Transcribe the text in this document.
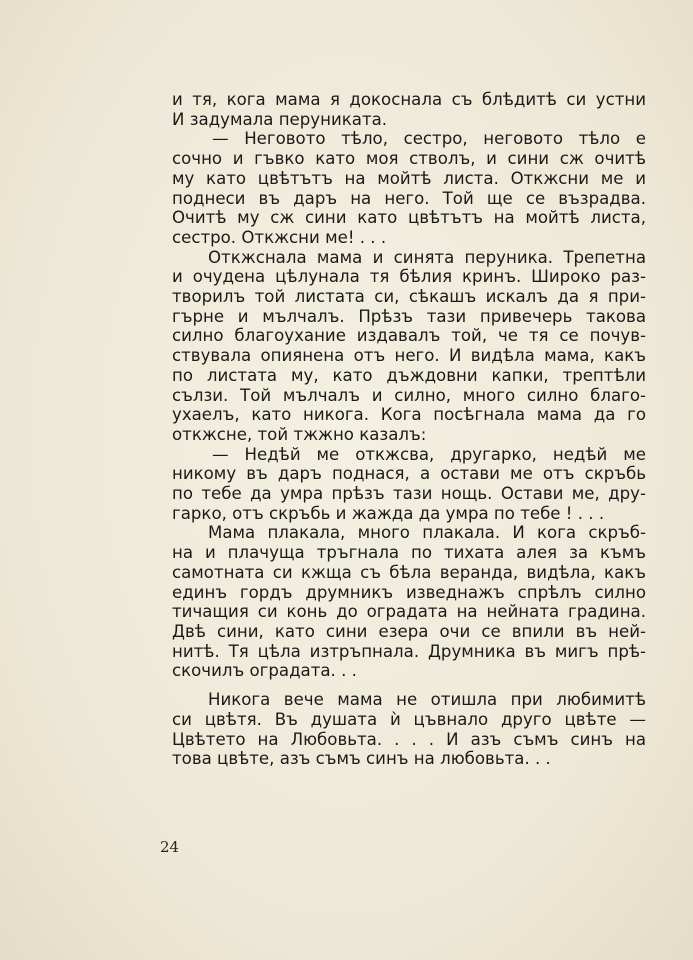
и тя, кога мама я докоснала съ блѣдитѣ си устни
И задумала перуниката.

— Неговото тѣло, сестро, неговото тѣло е
сочно и гъвко като моя стволъ, и сини сж очитѣ
му като цвѣтътъ на мойтѣ листа. Откжсни ме и
поднеси въ даръ на него. Той ще се възрадва.
Очитѣ му сж сини като цвѣтътъ на мойтѣ листа,
сестро. Откжсни ме! . . .

Откжснала мама и синята перуника. Трепетна
и очудена цѣлунала тя бѣлия кринъ. Широко раз-
творилъ той листата си, сѣкашъ искалъ да я при-
гърне и мълчалъ. Прѣзъ тази привечерь такова
силно благоухание издавалъ той, че тя се почув-
ствувала опиянена отъ него. И видѣла мама, какъ
по листата му, като дъждовни капки, трептѣли
сълзи. Той мълчалъ и силно, много силно благо-
ухаелъ, като никога. Кога посѣгнала мама да го
откжсне, той тжжно казалъ:

— Недѣй ме откжсва, другарко, недѣй ме
никому въ даръ поднася, а остави ме отъ скръбь
по тебе да умра прѣзъ тази нощь. Остави ме, дру-
гарко, отъ скръбь и жажда да умра по тебе ! . . .

Мама плакала, много плакала. И кога скръб-
на и плачуща тръгнала по тихата алея за къмъ
самотната си кжща съ бѣла веранда, видѣла, какъ
единъ гордъ друмникъ изведнажъ спрѣлъ силно
тичащия си конь до оградата на нейната градина.
Двѣ сини, като сини езера очи се впили въ ней-
нитѣ. Тя цѣла изтръпнала. Друмника въ мигъ прѣ-
скочилъ оградата. . .

Никога вече мама не отишла при любимитѣ
си цвѣтя. Въ душата ѝ цъвнало друго цвѣте —
Цвѣтето на Любовьта. . . . И азъ съмъ синъ на
това цвѣте, азъ съмъ синъ на любовьта. . .

24
